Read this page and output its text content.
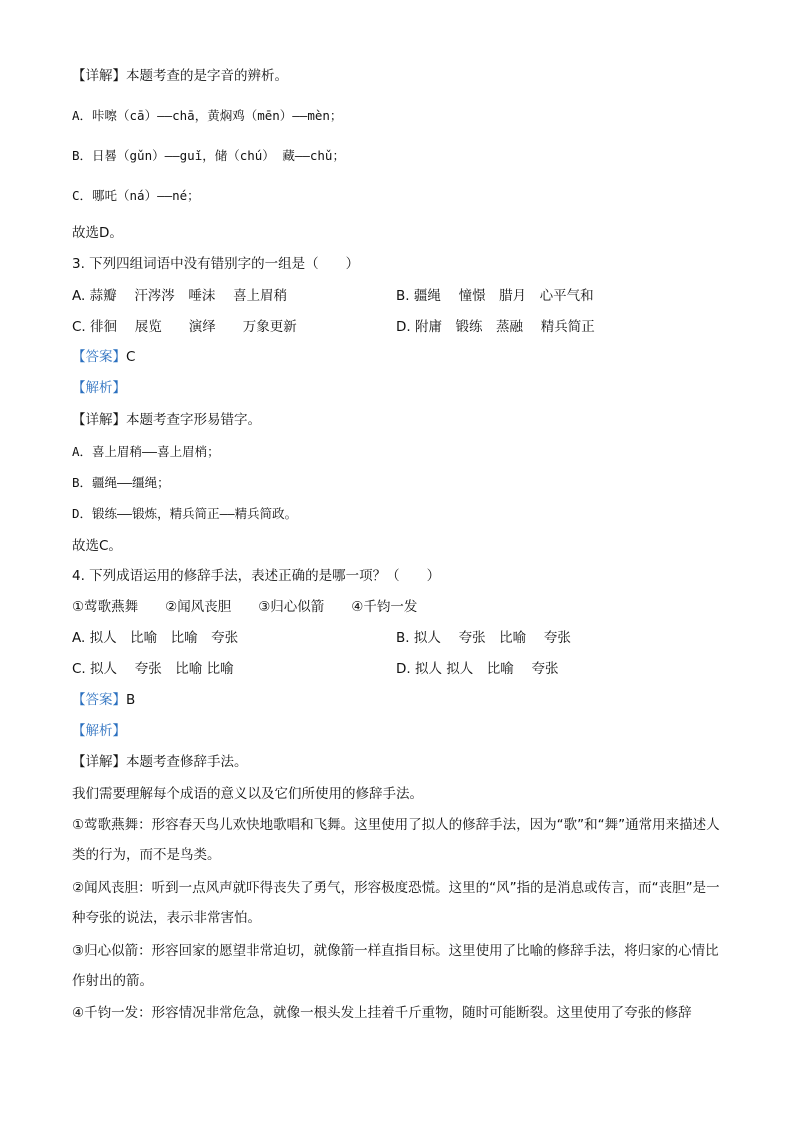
【详解】本题考查的是字音的辨析。
A．咔嚓（cā）——chā，黄焖鸡（mēn）——mèn；
B．日晷（gǔn）——guǐ，储（chú） 藏——chǔ；
C．哪吒（ná）——né；
故选D。
3. 下列四组词语中没有错别字的一组是（　　）
A. 蒜瓣　 汗涔涔　唾沫　 喜上眉稍	B. 疆绳　 憧憬　腊月　心平气和
C. 徘徊　 展览　　演绎　　万象更新	D. 附庸　锻练　蒸融　 精兵简正
【答案】C
【解析】
【详解】本题考查字形易错字。
A．喜上眉稍——喜上眉梢；
B．疆绳——缰绳；
D．锻练——锻炼，精兵简正——精兵简政。
故选C。
4. 下列成语运用的修辞手法，表述正确的是哪一项？（　　）
①莺歌燕舞　　②闻风丧胆　　③归心似箭　　④千钧一发
A. 拟人　比喻　比喻　夸张	B. 拟人　 夸张　比喻　 夸张
C. 拟人　 夸张　比喻 比喻	D. 拟人 拟人　比喻　 夸张
【答案】B
【解析】
【详解】本题考查修辞手法。
我们需要理解每个成语的意义以及它们所使用的修辞手法。
①莺歌燕舞：形容春天鸟儿欢快地歌唱和飞舞。这里使用了拟人的修辞手法，因为“歌”和“舞”通常用来描述人类的行为，而不是鸟类。
②闻风丧胆：听到一点风声就吓得丧失了勇气，形容极度恐慌。这里的“风”指的是消息或传言，而“丧胆”是一种夸张的说法，表示非常害怕。
③归心似箭：形容回家的愿望非常迫切，就像箭一样直指目标。这里使用了比喻的修辞手法，将归家的心情比作射出的箭。
④千钧一发：形容情况非常危急，就像一根头发上挂着千斤重物，随时可能断裂。这里使用了夸张的修辞
